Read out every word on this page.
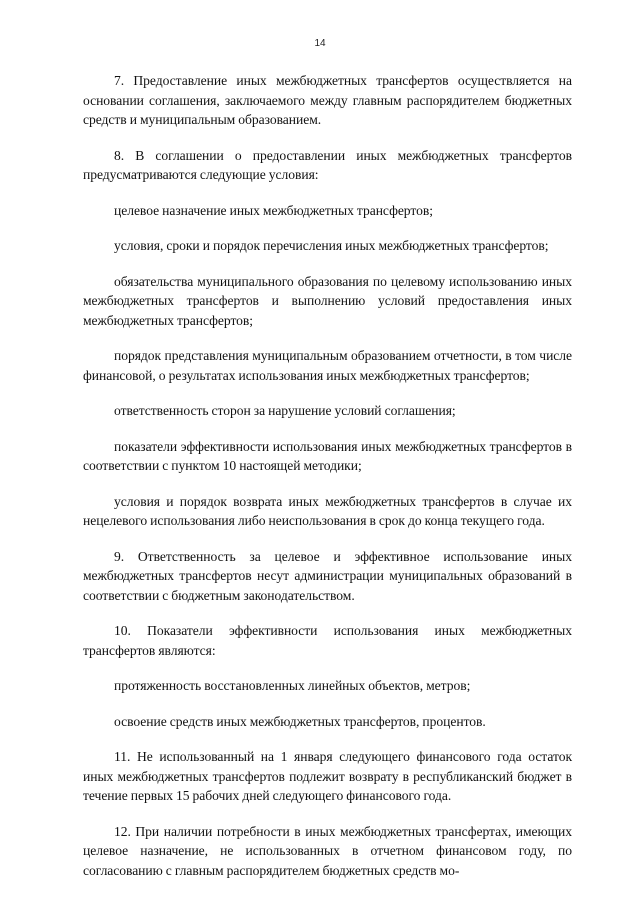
14

7. Предоставление иных межбюджетных трансфертов осуществляется на основании соглашения, заключаемого между главным распорядителем бюджетных средств и муниципальным образованием.

8. В соглашении о предоставлении иных межбюджетных трансфертов предусматриваются следующие условия:

целевое назначение иных межбюджетных трансфертов;

условия, сроки и порядок перечисления иных межбюджетных трансфертов;

обязательства муниципального образования по целевому использованию иных межбюджетных трансфертов и выполнению условий предоставления иных межбюджетных трансфертов;

порядок представления муниципальным образованием отчетности, в том числе финансовой, о результатах использования иных межбюджетных трансфертов;

ответственность сторон за нарушение условий соглашения;

показатели эффективности использования иных межбюджетных трансфертов в соответствии с пунктом 10 настоящей методики;

условия и порядок возврата иных межбюджетных трансфертов в случае их нецелевого использования либо неиспользования в срок до конца текущего года.

9. Ответственность за целевое и эффективное использование иных межбюджетных трансфертов несут администрации муниципальных образований в соответствии с бюджетным законодательством.

10. Показатели эффективности использования иных межбюджетных трансфертов являются:

протяженность восстановленных линейных объектов, метров;

освоение средств иных межбюджетных трансфертов, процентов.

11. Не использованный на 1 января следующего финансового года остаток иных межбюджетных трансфертов подлежит возврату в республиканский бюджет в течение первых 15 рабочих дней следующего финансового года.

12. При наличии потребности в иных межбюджетных трансфертах, имеющих целевое назначение, не использованных в отчетном финансовом году, по согласованию с главным распорядителем бюджетных средств мо-
